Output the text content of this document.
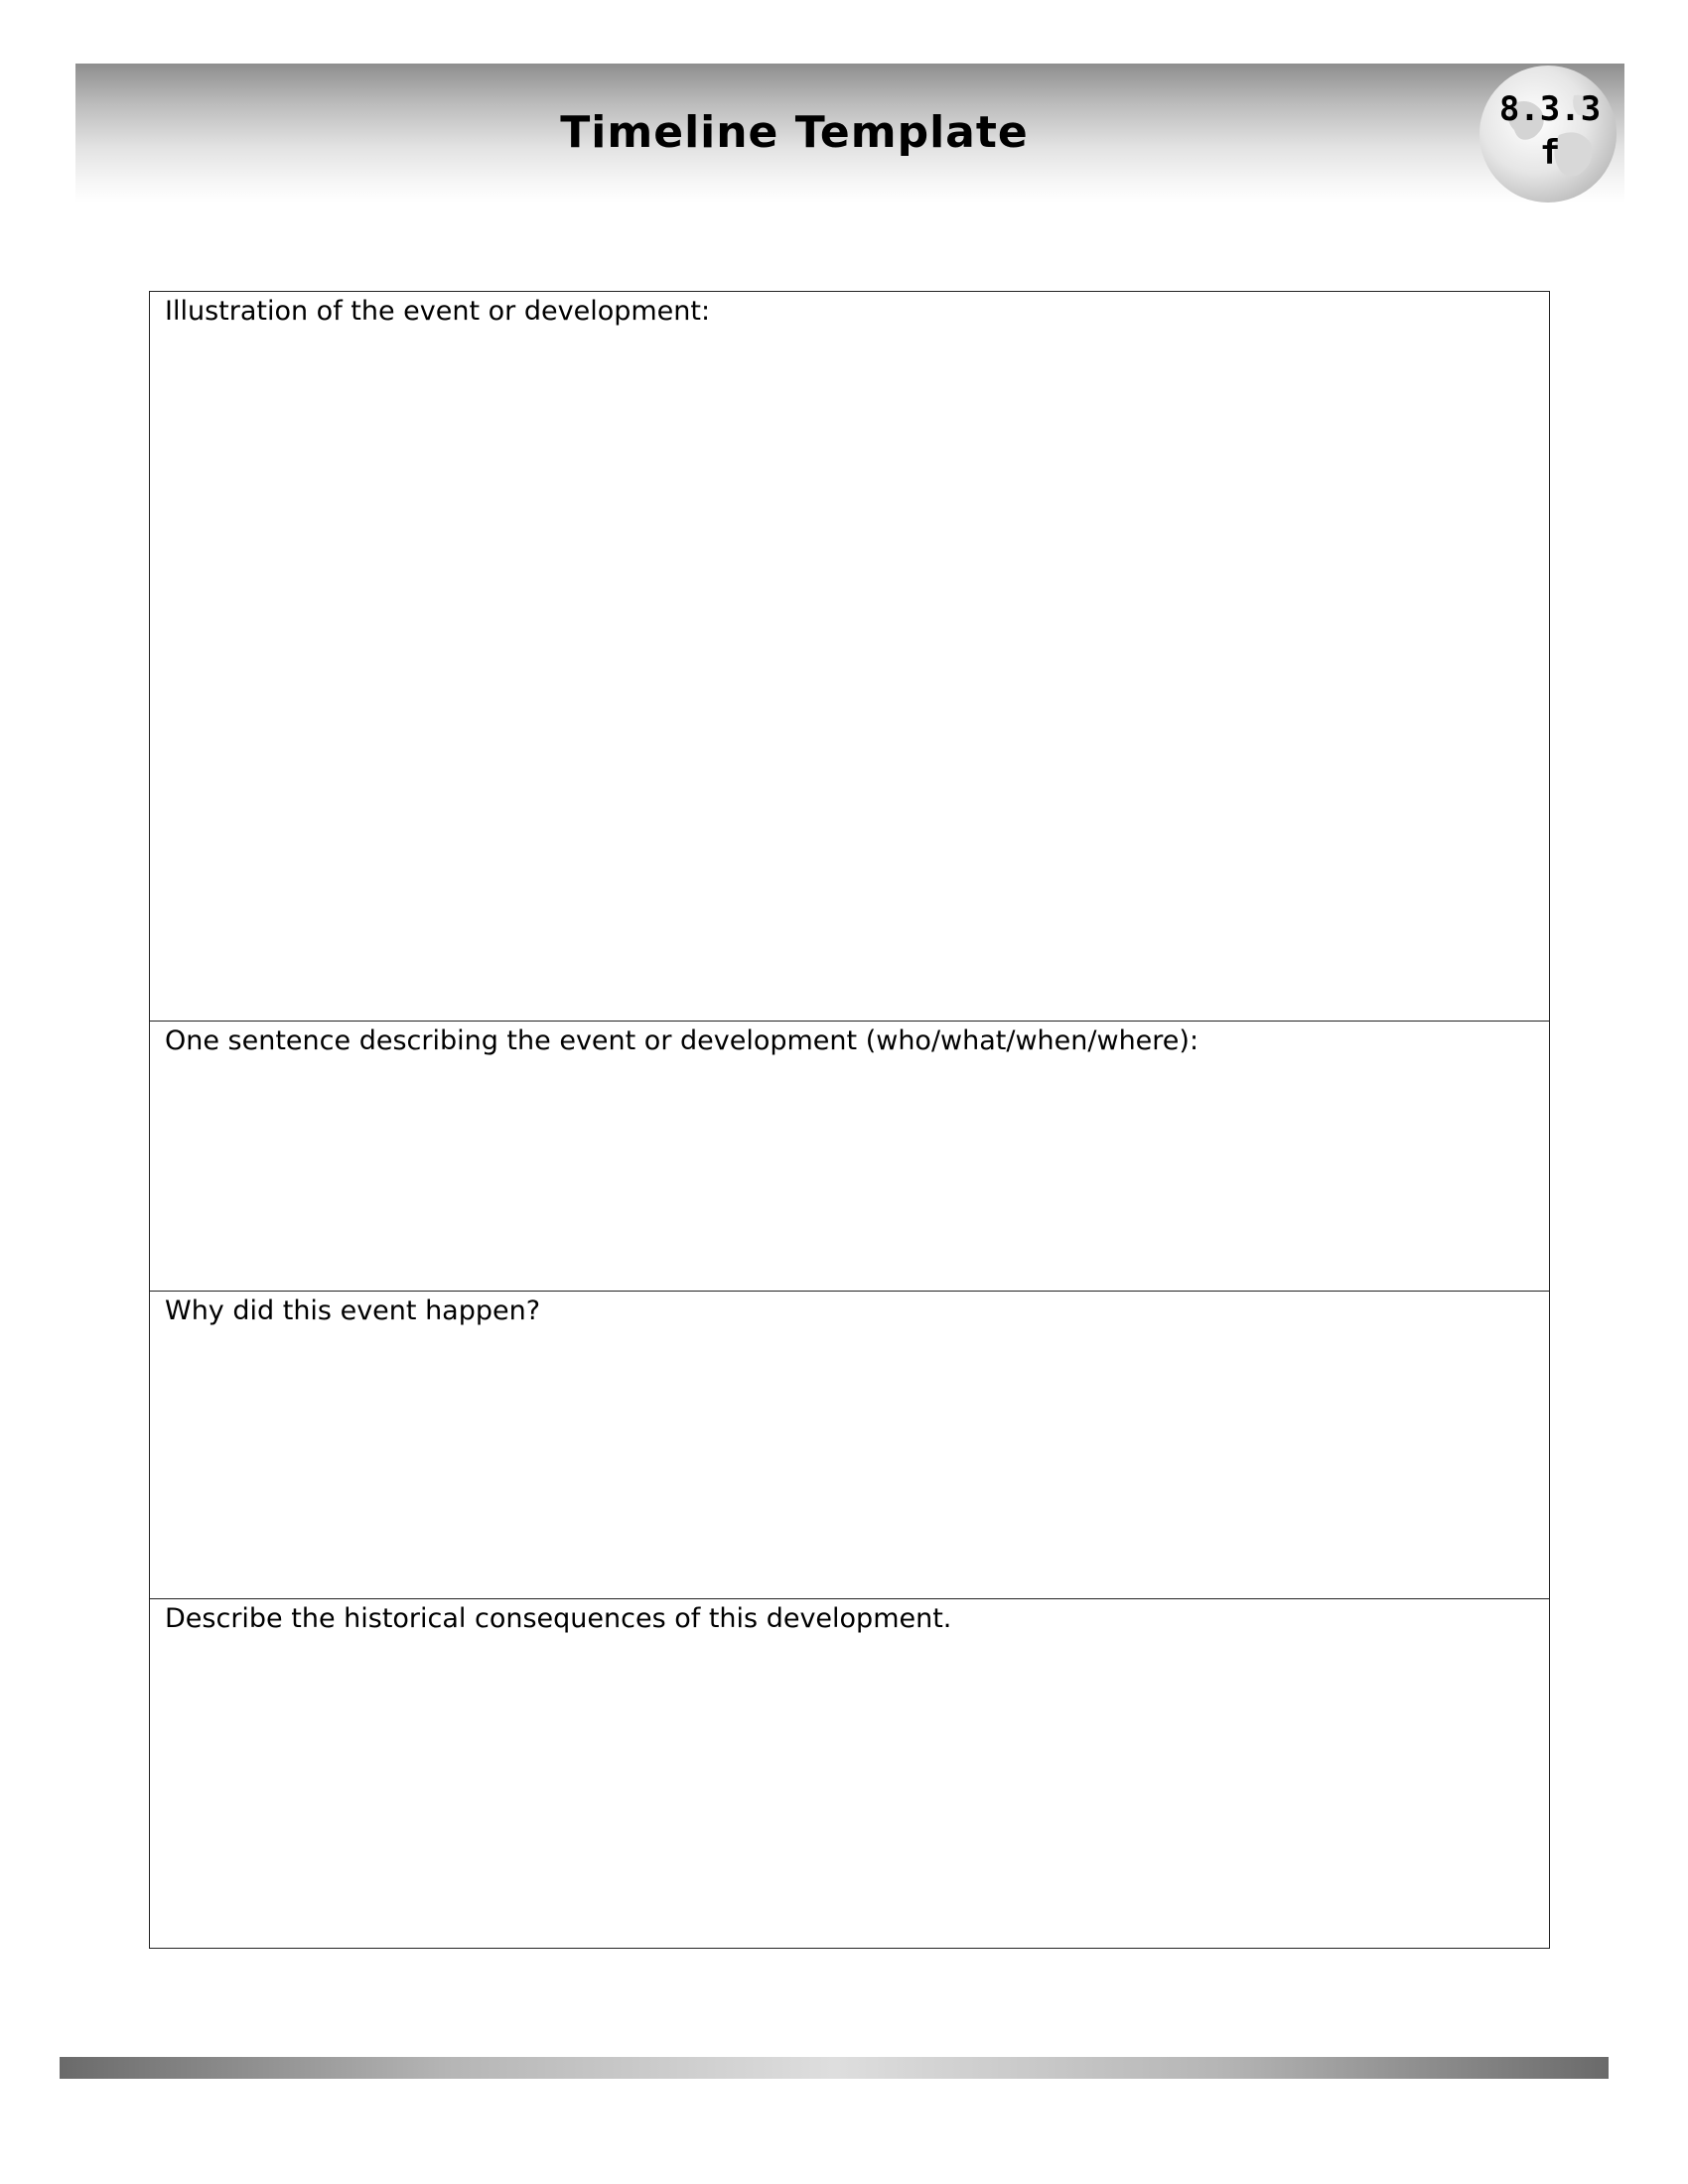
Timeline Template	8.3.3
f
Illustration of the event or development:
One sentence describing the event or development (who/what/when/where):
Why did this event happen?
Describe the historical consequences of this development.
